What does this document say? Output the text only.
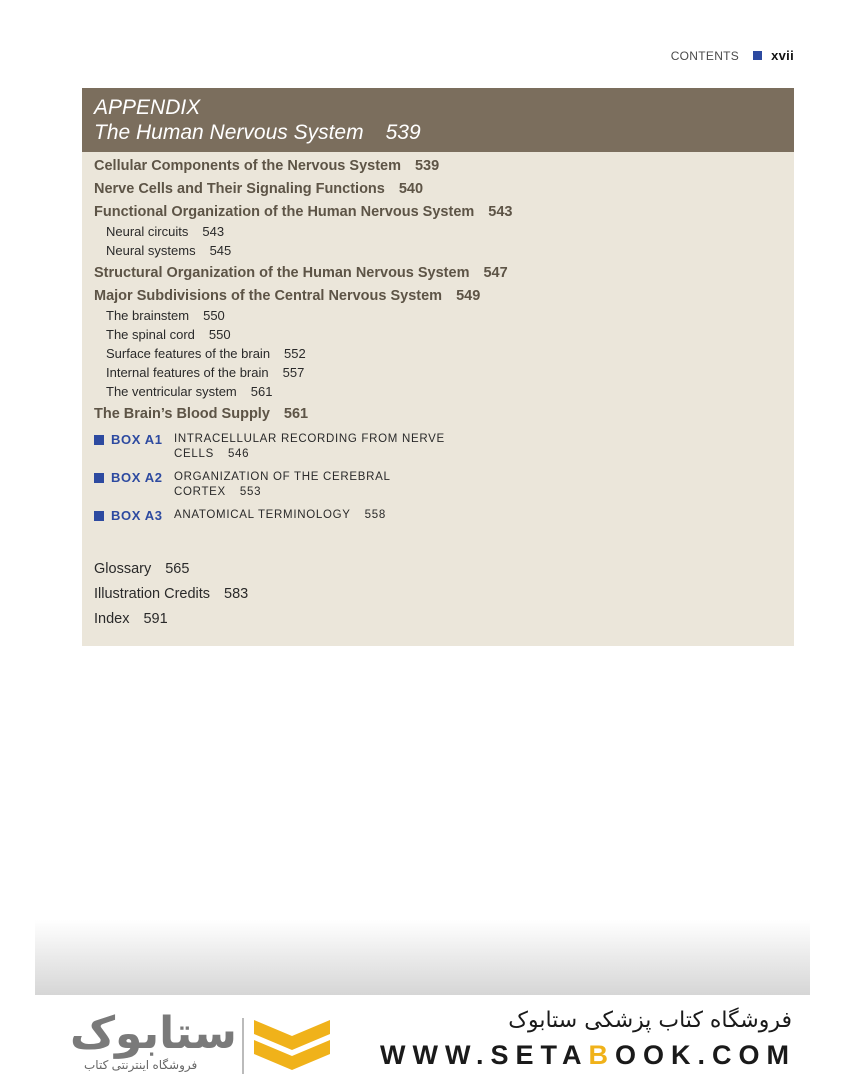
CONTENTS xvii
APPENDIX
The Human Nervous System 539
Cellular Components of the Nervous System 539
Nerve Cells and Their Signaling Functions 540
Functional Organization of the Human Nervous System 543
Neural circuits 543
Neural systems 545
Structural Organization of the Human Nervous System 547
Major Subdivisions of the Central Nervous System 549
The brainstem 550
The spinal cord 550
Surface features of the brain 552
Internal features of the brain 557
The ventricular system 561
The Brain’s Blood Supply 561
BOX A1 INTRACELLULAR RECORDING FROM NERVE
CELLS 546
BOX A2 ORGANIZATION OF THE CEREBRAL
CORTEX 553
BOX A3 ANATOMICAL TERMINOLOGY 558
Glossary 565
Illustration Credits 583
Index 591
ستابوک
فروشگاه اینترنتی کتاب
فروشگاه کتاب پزشکی ستابوک
WWW.SETABOOK.COM
